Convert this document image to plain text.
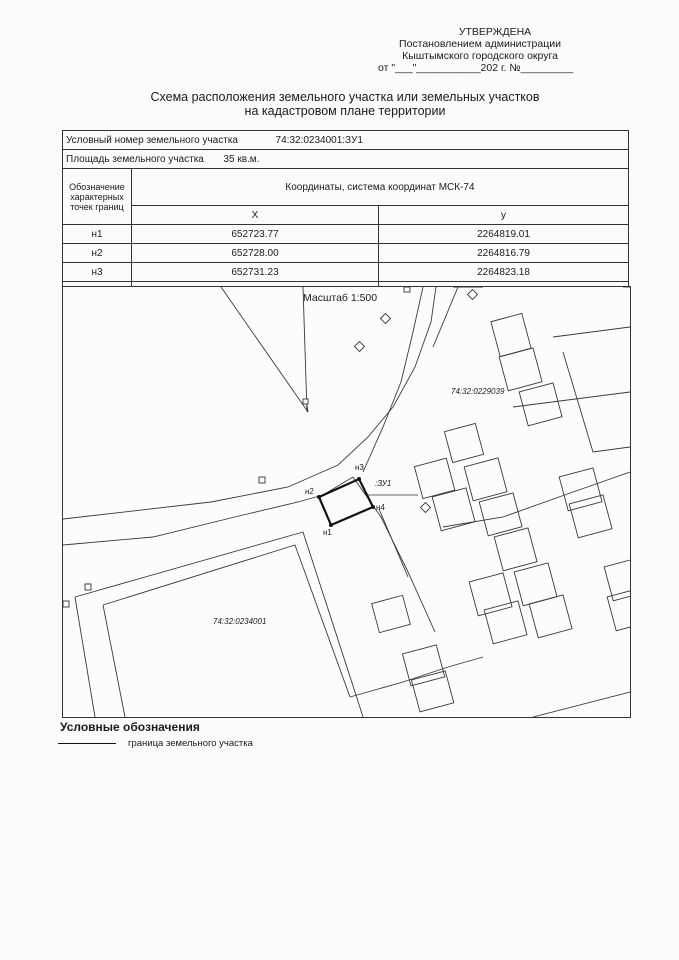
УТВЕРЖДЕНА
Постановлением администрации
Кыштымского городского округа
от "___"___________202 г. №_________
Схема расположения земельного участка или земельных участков
на кадастровом плане территории
Условный номер земельного участка 74:32:0234001:ЗУ1		
Площадь земельного участка 35 кв.м.		
Обозначение характерных точек границ	Координаты, система координат МСК-74	
	X	у
н1	652723.77	2264819.01
н2	652728.00	2264816.79
н3	652731.23	2264823.18

Масштаб 1:500
74:32:0229039
74:32:0234001
:ЗУ1
н1
н2
н3
н4
Условные обозначения
граница земельного участка
